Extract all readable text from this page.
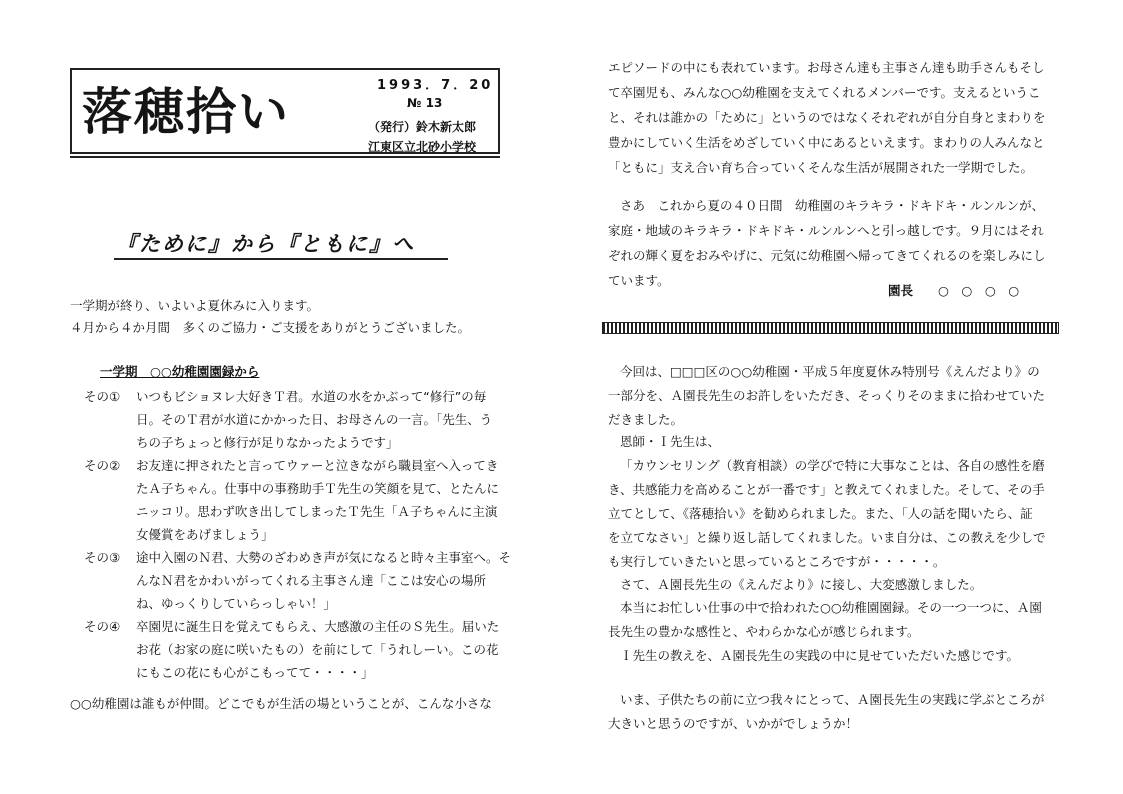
落穂拾い	1993．7．20
№ 13
（発行）鈴木新太郎
江東区立北砂小学校
『ために』から『ともに』へ
一学期が終り、いよいよ夏休みに入ります。
４月から４か月間　多くのご協力・ご支援をありがとうございました。
一学期　○○幼稚園園録から
その① いつもビショヌレ大好きＴ君。水道の水をかぶって“修行”の毎
日。そのＴ君が水道にかかった日、お母さんの一言。「先生、う
ちの子ちょっと修行が足りなかったようです」
その② お友達に押されたと言ってウァーと泣きながら職員室へ入ってき
たＡ子ちゃん。仕事中の事務助手Ｔ先生の笑顔を見て、とたんに
ニッコリ。思わず吹き出してしまったＴ先生「Ａ子ちゃんに主演
女優賞をあげましょう」
その③ 途中入園のＮ君、大勢のざわめき声が気になると時々主事室へ。そ
んなＮ君をかわいがってくれる主事さん達「ここは安心の場所
ね、ゆっくりしていらっしゃい！」
その④ 卒園児に誕生日を覚えてもらえ、大感激の主任のＳ先生。届いた
お花（お家の庭に咲いたもの）を前にして「うれしーい。この花
にもこの花にも心がこもってて・・・・」
○○幼稚園は誰もが仲間。どこでもが生活の場ということが、こんな小さな
エピソードの中にも表れています。お母さん達も主事さん達も助手さんもそし
て卒園児も、みんな○○幼稚園を支えてくれるメンバーです。支えるというこ
と、それは誰かの「ために」というのではなくそれぞれが自分自身とまわりを
豊かにしていく生活をめざしていく中にあるといえます。まわりの人みんなと
「ともに」支え合い育ち合っていくそんな生活が展開された一学期でした。
さあ　これから夏の４０日間　幼稚園のキラキラ・ドキドキ・ルンルンが、
家庭・地域のキラキラ・ドキドキ・ルンルンへと引っ越しです。９月にはそれ
ぞれの輝く夏をおみやげに、元気に幼稚園へ帰ってきてくれるのを楽しみにし
ています。
園長　　○　○　○　○
今回は、□□□区の○○幼稚園・平成５年度夏休み特別号《えんだより》の
一部分を、Ａ園長先生のお許しをいただき、そっくりそのままに拾わせていた
だきました。
恩師・Ｉ先生は、
「カウンセリング（教育相談）の学びで特に大事なことは、各自の感性を磨
き、共感能力を高めることが一番です」と教えてくれました。そして、その手
立てとして、《落穂拾い》を勧められました。また、「人の話を聞いたら、証
を立てなさい」と繰り返し話してくれました。いま自分は、この教えを少しで
も実行していきたいと思っているところですが・・・・・。
さて、Ａ園長先生の《えんだより》に接し、大変感激しました。
本当にお忙しい仕事の中で拾われた○○幼稚園園録。その一つ一つに、Ａ園
長先生の豊かな感性と、やわらかな心が感じられます。
Ｉ先生の教えを、Ａ園長先生の実践の中に見せていただいた感じです。
いま、子供たちの前に立つ我々にとって、Ａ園長先生の実践に学ぶところが
大きいと思うのですが、いかがでしょうか！
